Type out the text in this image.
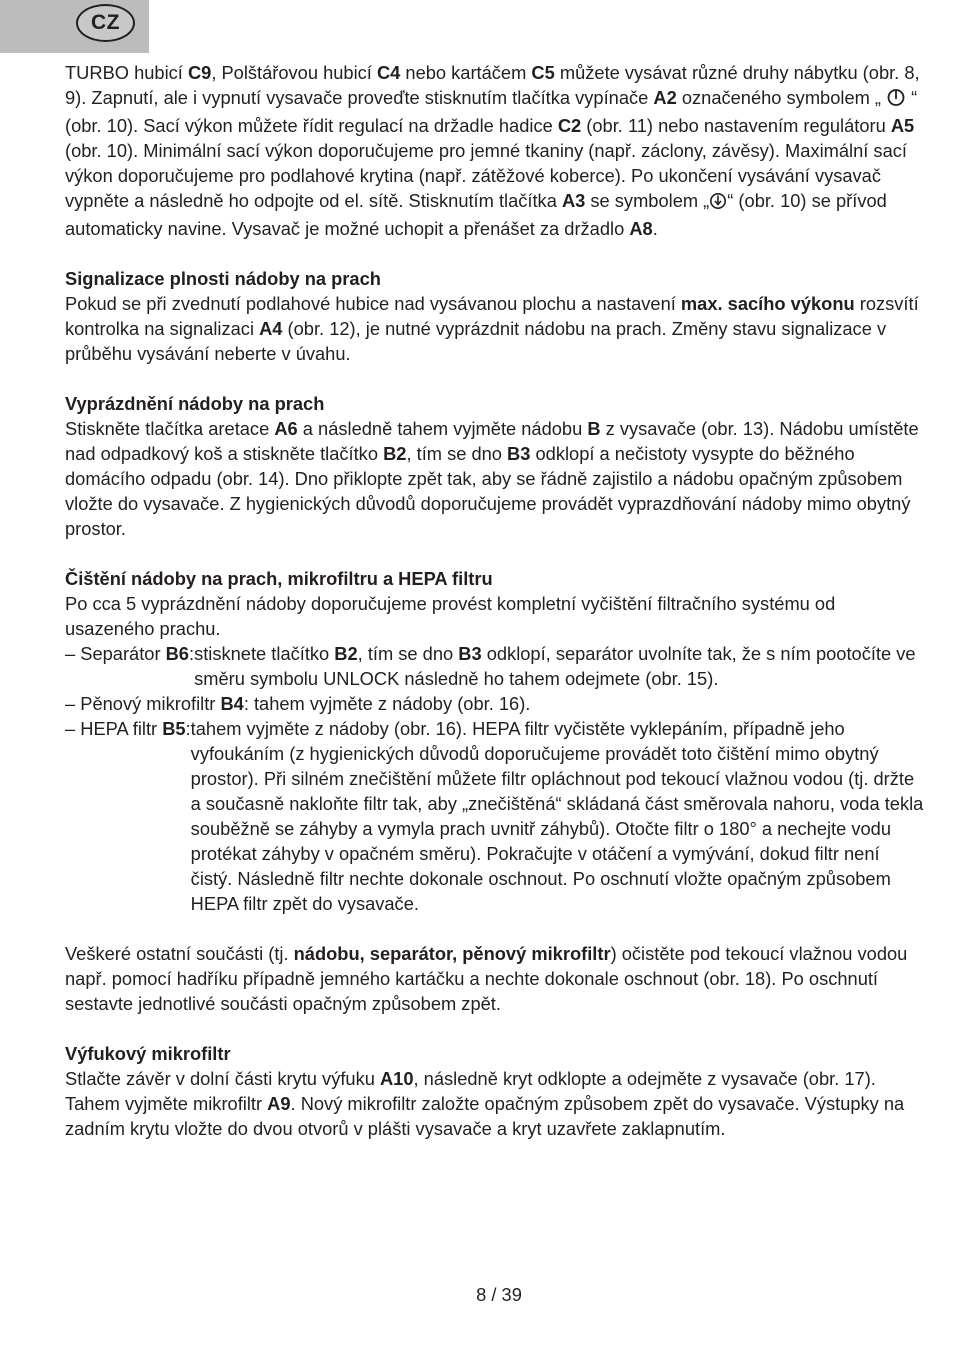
CZ

TURBO hubicí C9, Polštářovou hubicí C4 nebo kartáčem C5 můžete vysávat různé druhy nábytku (obr. 8, 9). Zapnutí, ale i vypnutí vysavače proveďte stisknutím tlačítka vypínače A2 označeného symbolem „  “ (obr. 10). Sací výkon můžete řídit regulací na držadle hadice C2 (obr. 11) nebo nastavením regulátoru A5 (obr. 10). Minimální sací výkon doporučujeme pro jemné tkaniny (např. záclony, závěsy). Maximální sací výkon doporučujeme pro podlahové krytina (např. zátěžové koberce). Po ukončení vysávání vysavač vypněte a následně ho odpojte od el. sítě. Stisknutím tlačítka A3 se symbolem „ “ (obr. 10) se přívod automaticky navine. Vysavač je možné uchopit a přenášet za držadlo A8.

Signalizace plnosti nádoby na prach

Pokud se při zvednutí podlahové hubice nad vysávanou plochu a nastavení max. sacího výkonu rozsvítí kontrolka na signalizaci A4 (obr. 12), je nutné vyprázdnit nádobu na prach. Změny stavu signalizace v průběhu vysávání neberte v úvahu.

Vyprázdnění nádoby na prach

Stiskněte tlačítka aretace A6 a následně tahem vyjměte nádobu B z vysavače (obr. 13). Nádobu umístěte nad odpadkový koš a stiskněte tlačítko B2, tím se dno B3 odklopí a nečistoty vysypte do běžného domácího odpadu (obr. 14). Dno přiklopte zpět tak, aby se řádně zajistilo a nádobu opačným způsobem vložte do vysavače. Z hygienických důvodů doporučujeme provádět vyprazdňování nádoby mimo obytný prostor.

Čištění nádoby na prach, mikrofiltru a HEPA filtru

Po cca 5 vyprázdnění nádoby doporučujeme provést kompletní vyčištění filtračního systému od usazeného prachu.

– Separátor B6: stisknete tlačítko B2, tím se dno B3 odklopí, separátor uvolníte tak, že s ním pootočíte ve směru symbolu UNLOCK následně ho tahem odejmete (obr. 15).

– Pěnový mikrofiltr B4: tahem vyjměte z nádoby (obr. 16).

– HEPA filtr B5: tahem vyjměte z nádoby (obr. 16). HEPA filtr vyčistěte vyklepáním, případně jeho vyfoukáním (z hygienických důvodů doporučujeme provádět toto čištění mimo obytný prostor). Při silném znečištění můžete filtr opláchnout pod tekoucí vlažnou vodou (tj. držte a současně nakloňte filtr tak, aby „znečištěná“ skládaná část směrovala nahoru, voda tekla souběžně se záhyby a vymyla prach uvnitř záhybů). Otočte filtr o 180° a nechejte vodu protékat záhyby v opačném směru). Pokračujte v otáčení a vymývání, dokud filtr není čistý. Následně filtr nechte dokonale oschnout. Po oschnutí vložte opačným způsobem HEPA filtr zpět do vysavače.

Veškeré ostatní součásti (tj. nádobu, separátor, pěnový mikrofiltr) očistěte pod tekoucí vlažnou vodou např. pomocí hadříku případně jemného kartáčku a nechte dokonale oschnout (obr. 18). Po oschnutí sestavte jednotlivé součásti opačným způsobem zpět.

Výfukový mikrofiltr

Stlačte závěr v dolní části krytu výfuku A10, následně kryt odklopte a odejměte z vysavače (obr. 17). Tahem vyjměte mikrofiltr A9. Nový mikrofiltr založte opačným způsobem zpět do vysavače. Výstupky na zadním krytu vložte do dvou otvorů v plášti vysavače a kryt uzavřete zaklapnutím.

8 / 39
